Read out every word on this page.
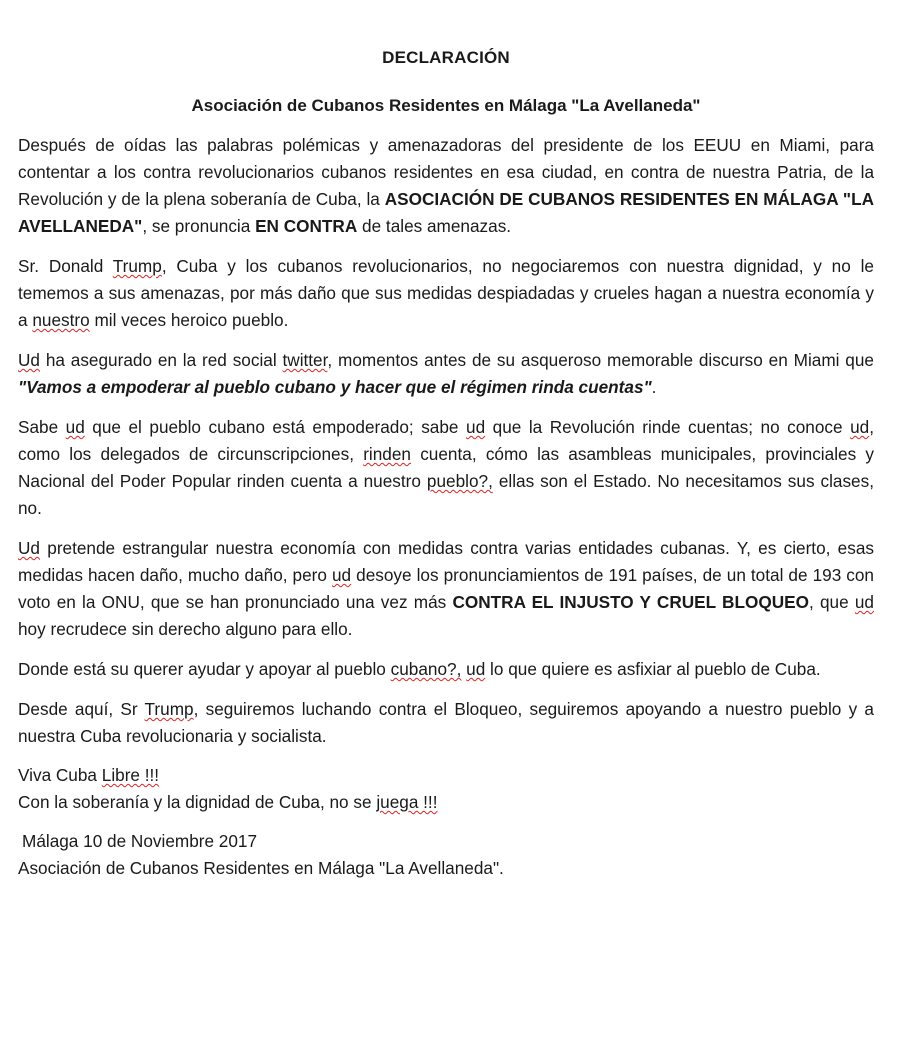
DECLARACIÓN
Asociación de Cubanos Residentes en Málaga "La Avellaneda"

Después de oídas las palabras polémicas y amenazadoras del presidente de los EEUU en Miami, para contentar a los contra revolucionarios cubanos residentes en esa ciudad, en contra de nuestra Patria, de la Revolución y de la plena soberanía de Cuba, la ASOCIACIÓN DE CUBANOS RESIDENTES EN MÁLAGA "LA AVELLANEDA", se pronuncia EN CONTRA de tales amenazas.

Sr. Donald Trump, Cuba y los cubanos revolucionarios, no negociaremos con nuestra dignidad, y no le tememos a sus amenazas, por más daño que sus medidas despiadadas y crueles hagan a nuestra economía y a nuestro mil veces heroico pueblo.

Ud ha asegurado en la red social twitter, momentos antes de su asqueroso memorable discurso en Miami que "Vamos a empoderar al pueblo cubano y hacer que el régimen rinda cuentas".

Sabe ud que el pueblo cubano está empoderado; sabe ud que la Revolución rinde cuentas; no conoce ud, como los delegados de circunscripciones, rinden cuenta, cómo las asambleas municipales, provinciales y Nacional del Poder Popular rinden cuenta a nuestro pueblo?, ellas son el Estado. No necesitamos sus clases, no.

Ud pretende estrangular nuestra economía con medidas contra varias entidades cubanas. Y, es cierto, esas medidas hacen daño, mucho daño, pero ud desoye los pronunciamientos de 191 países, de un total de 193 con voto en la ONU, que se han pronunciado una vez más CONTRA EL INJUSTO Y CRUEL BLOQUEO, que ud hoy recrudece sin derecho alguno para ello.

Donde está su querer ayudar y apoyar al pueblo cubano?, ud lo que quiere es asfixiar al pueblo de Cuba.

Desde aquí, Sr Trump, seguiremos luchando contra el Bloqueo, seguiremos apoyando a nuestro pueblo y a nuestra Cuba revolucionaria y socialista.

Viva Cuba Libre !!!
Con la soberanía y la dignidad de Cuba, no se juega !!!
Málaga 10 de Noviembre 2017
Asociación de Cubanos Residentes en Málaga "La Avellaneda".
